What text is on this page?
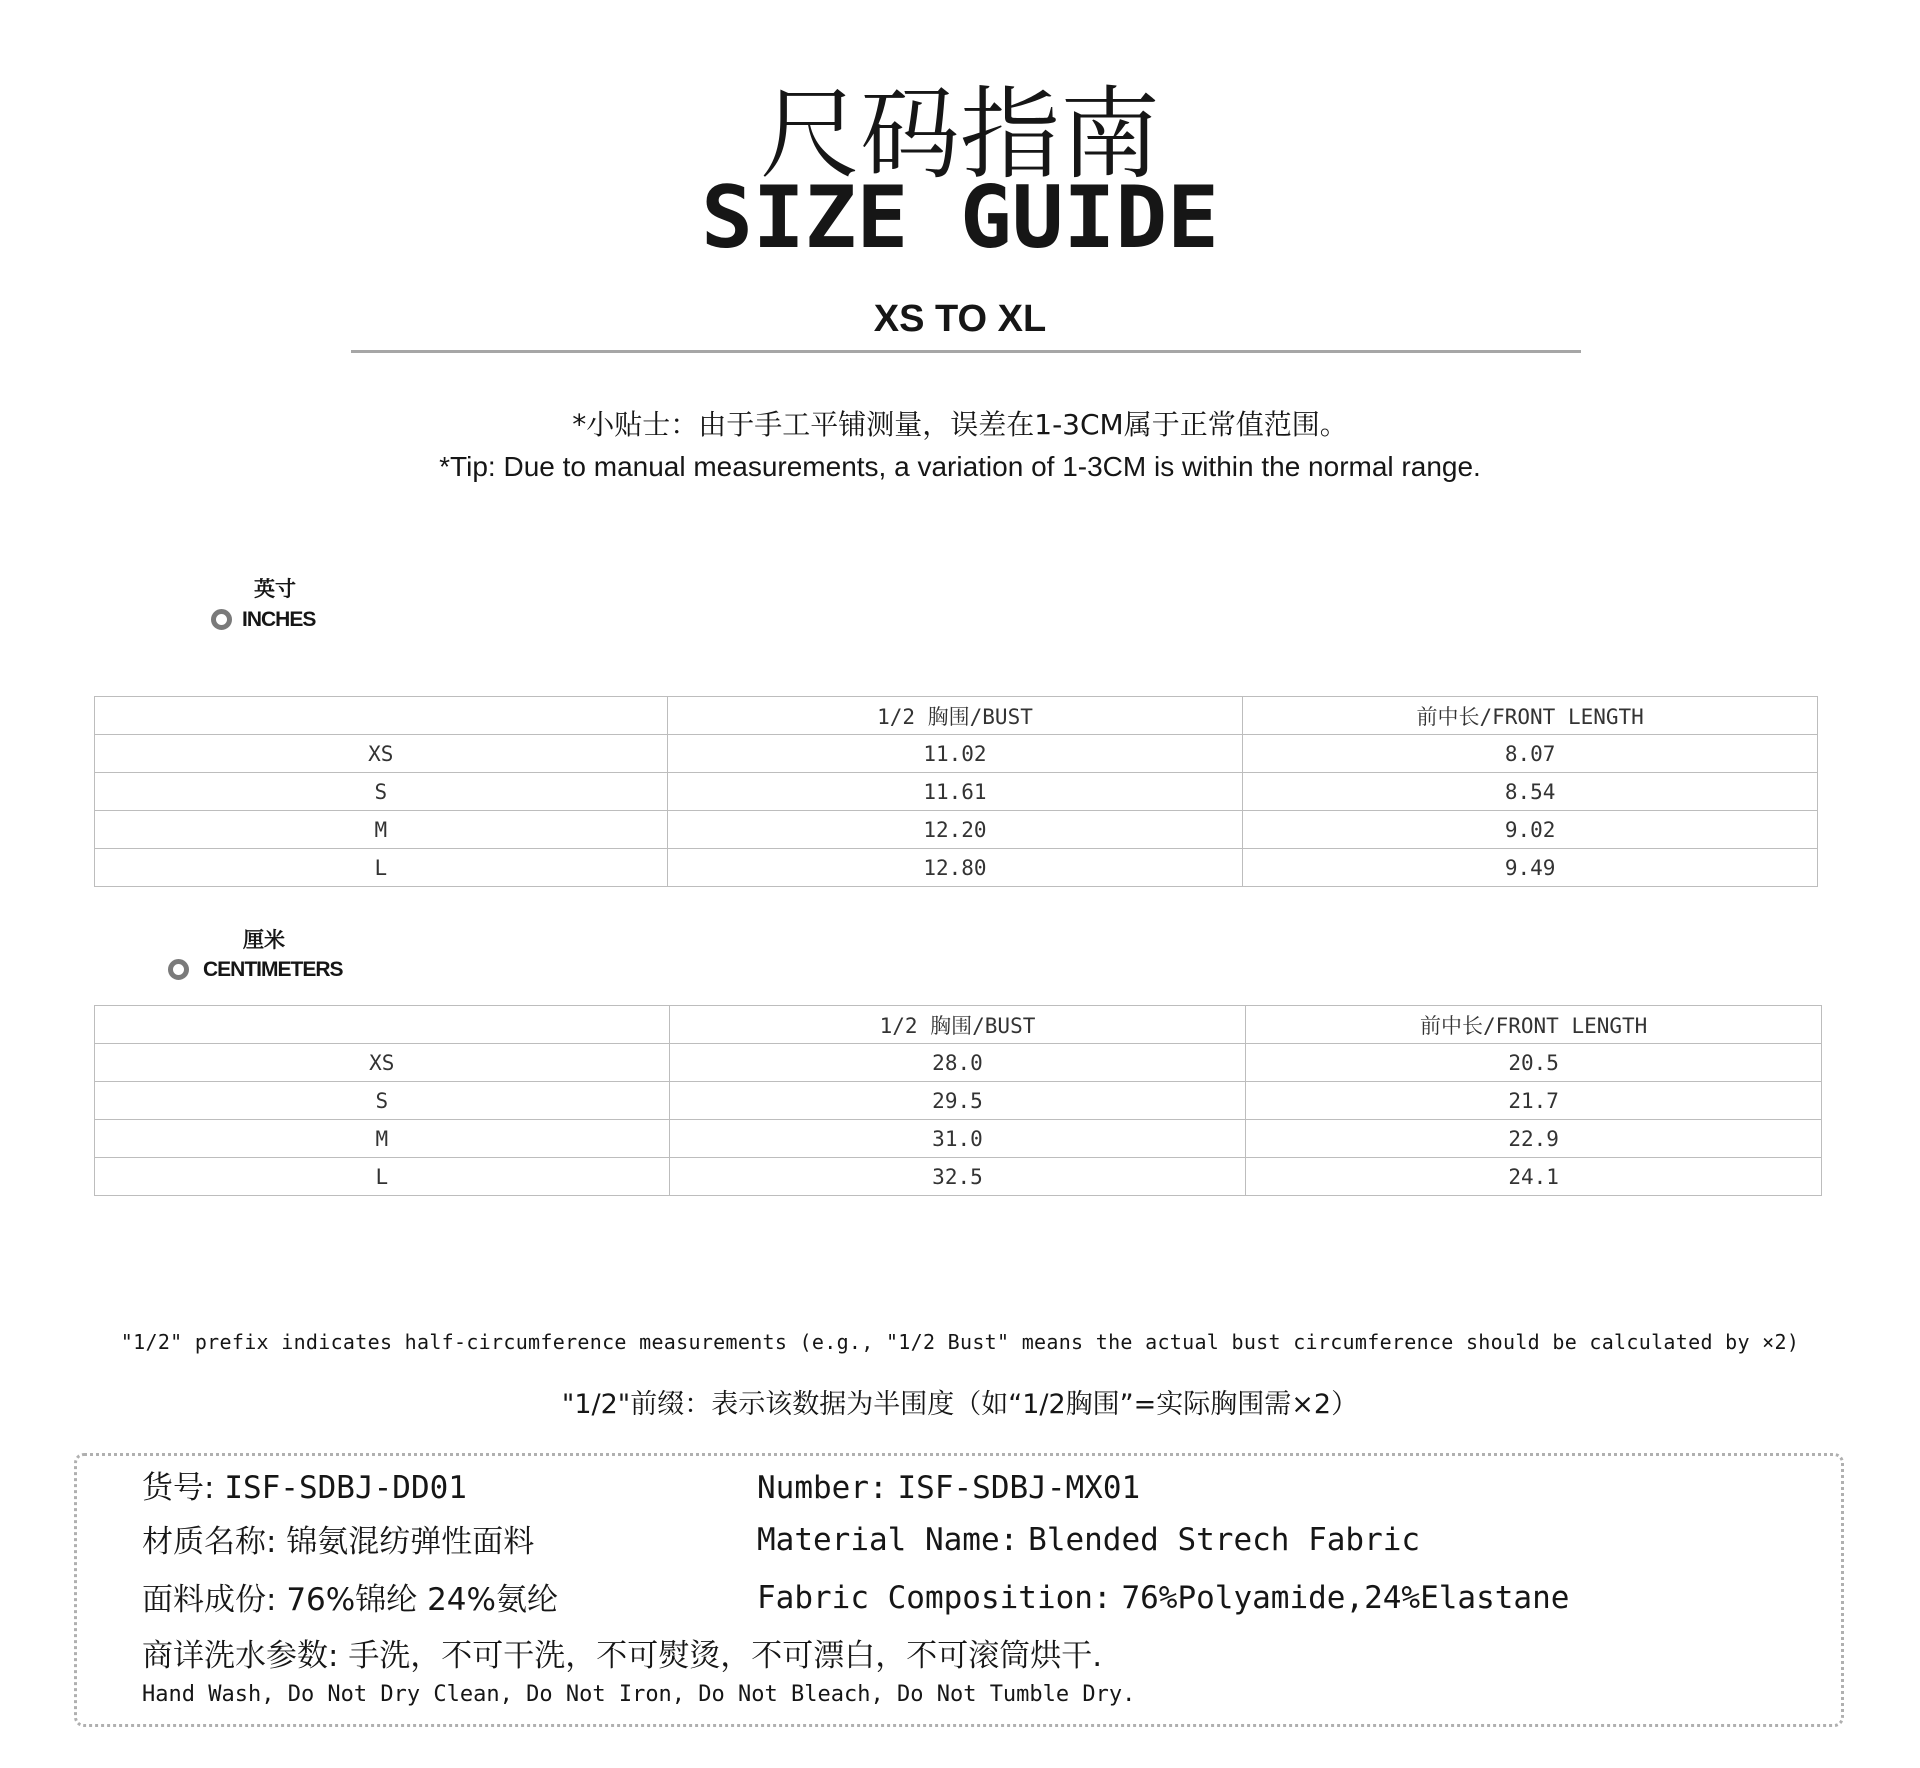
尺码指南
SIZE GUIDE
XS TO XL
*小贴士：由于手工平铺测量，误差在1-3CM属于正常值范围。
*Tip: Due to manual measurements, a variation of 1-3CM is within the normal range.
英寸
INCHES
	1/2 胸围/BUST	前中长/FRONT LENGTH
XS	11.02	8.07
S	11.61	8.54
M	12.20	9.02
L	12.80	9.49
厘米
CENTIMETERS
	1/2 胸围/BUST	前中长/FRONT LENGTH
XS	28.0	20.5
S	29.5	21.7
M	31.0	22.9
L	32.5	24.1
"1/2" prefix indicates half-circumference measurements (e.g., "1/2 Bust" means the actual bust circumference should be calculated by ×2)
"1/2"前缀：表示该数据为半围度（如“1/2胸围”=实际胸围需×2）
货号: ISF-SDBJ-DD01	Number: ISF-SDBJ-MX01
材质名称: 锦氨混纺弹性面料	Material Name: Blended Strech Fabric
面料成份: 76%锦纶 24%氨纶	Fabric Composition: 76%Polyamide,24%Elastane
商详洗水参数: 手洗，不可干洗，不可熨烫，不可漂白，不可滚筒烘干.
Hand Wash, Do Not Dry Clean, Do Not Iron, Do Not Bleach, Do Not Tumble Dry.
